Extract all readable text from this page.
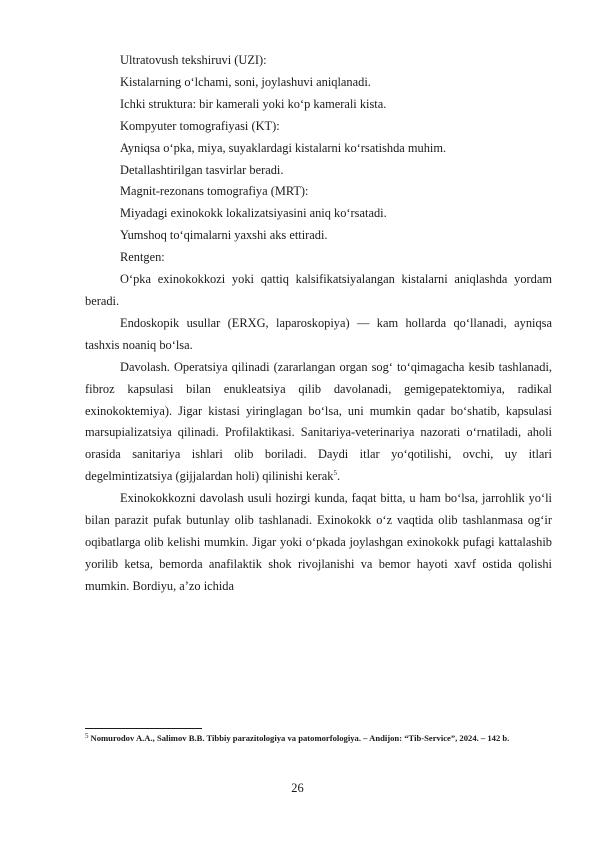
Ultratovush tekshiruvi (UZI):
Kistalarning o‘lchami, soni, joylashuvi aniqlanadi.
Ichki struktura: bir kamerali yoki ko‘p kamerali kista.
Kompyuter tomografiyasi (KT):
Ayniqsa o‘pka, miya, suyaklardagi kistalarni ko‘rsatishda muhim.
Detallashtirilgan tasvirlar beradi.
Magnit-rezonans tomografiya (MRT):
Miyadagi exinokokk lokalizatsiyasini aniq ko‘rsatadi.
Yumshoq to‘qimalarni yaxshi aks ettiradi.
Rentgen:

O‘pka exinokokkozi yoki qattiq kalsifikatsiyalangan kistalarni aniqlashda yordam beradi.

Endoskopik usullar (ERXG, laparoskopiya) — kam hollarda qo‘llanadi, ayniqsa tashxis noaniq bo‘lsa.

Davolash. Operatsiya qilinadi (zararlangan organ sog‘ to‘qimagacha kesib tashlanadi, fibroz kapsulasi bilan enukleatsiya qilib davolanadi, gemigepatektomiya, radikal exinokoktemiya). Jigar kistasi yiringlagan bo‘lsa, uni mumkin qadar bo‘shatib, kapsulasi marsupializatsiya qilinadi. Profilaktikasi. Sanitariya-veterinariya nazorati o‘rnatiladi, aholi orasida sanitariya ishlari olib boriladi. Daydi itlar yo‘qotilishi, ovchi, uy itlari degelmintizatsiya (gijjalardan holi) qilinishi kerak$^5$.

Exinokokkozni davolash usuli hozirgi kunda, faqat bitta, u ham bo‘lsa, jarrohlik yo‘li bilan parazit pufak butunlay olib tashlanadi. Exinokokk o‘z vaqtida olib tashlanmasa og‘ir oqibatlarga olib kelishi mumkin. Jigar yoki o‘pkada joylashgan exinokokk pufagi kattalashib yorilib ketsa, bemorda anafilaktik shok rivojlanishi va bemor hayoti xavf ostida qolishi mumkin. Bordiyu, a’zo ichida

$^5$ Nomurodov A.A., Salimov B.B. Tibbiy parazitologiya va patomorfologiya. – Andijon: “Tib-Service”, 2024. – 142 b.
26
